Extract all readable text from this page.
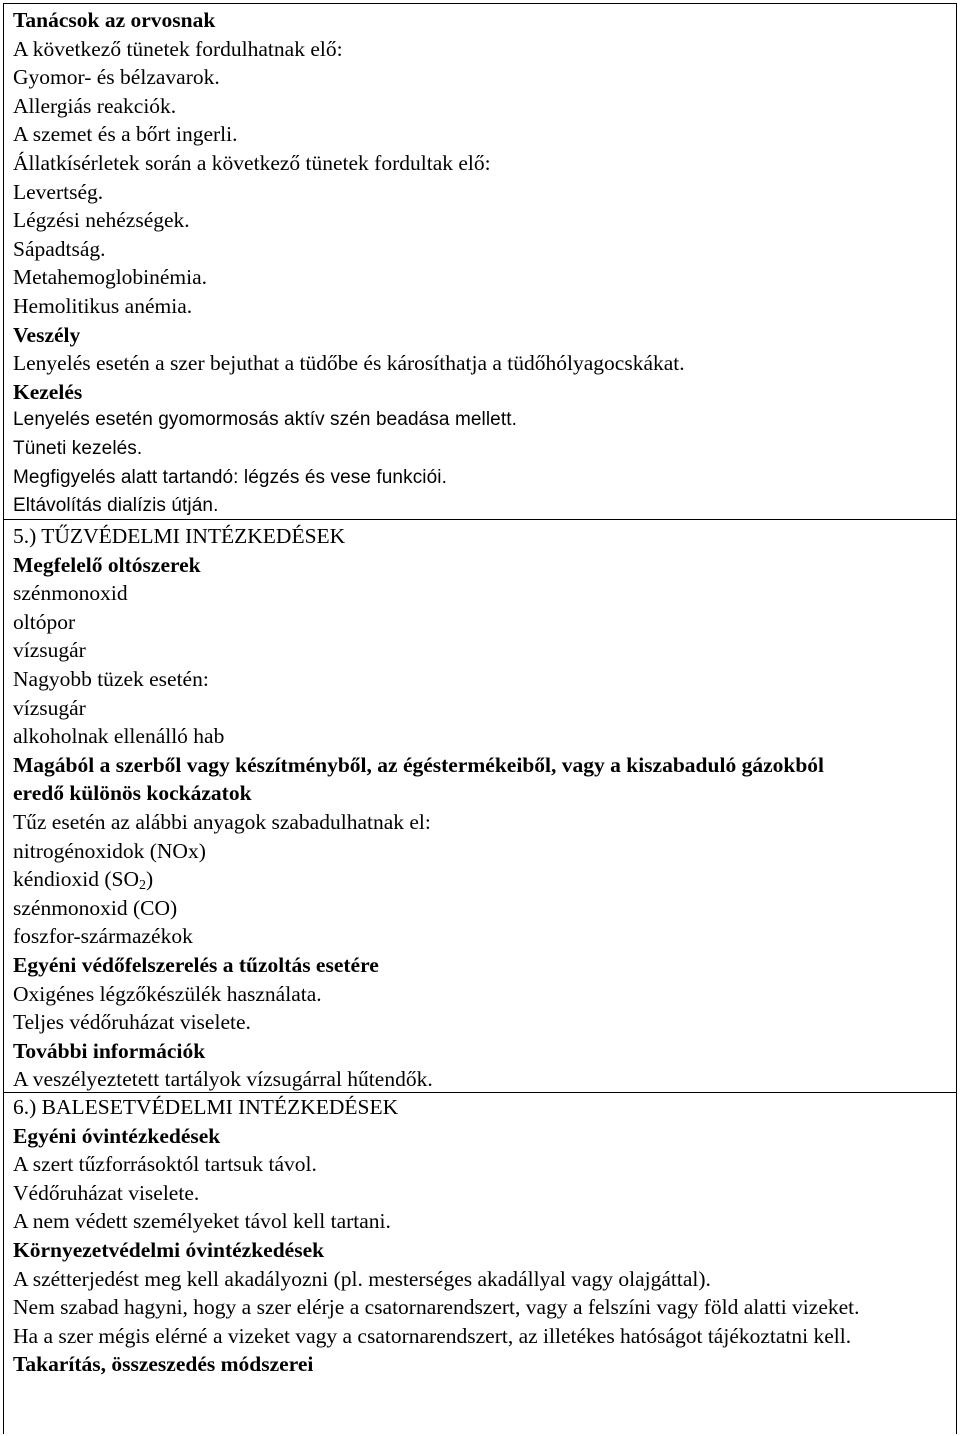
Tanácsok az orvosnak
A következő tünetek fordulhatnak elő:
Gyomor- és bélzavarok.
Allergiás reakciók.
A szemet és a bőrt ingerli.
Állatkísérletek során a következő tünetek fordultak elő:
Levertség.
Légzési nehézségek.
Sápadtság.
Metahemoglobinémia.
Hemolitikus anémia.
Veszély
Lenyelés esetén a szer bejuthat a tüdőbe és károsíthatja a tüdőhólyagocskákat.
Kezelés
Lenyelés esetén gyomormosás aktív szén beadása mellett.
Tüneti kezelés.
Megfigyelés alatt tartandó: légzés és vese funkciói.
Eltávolítás dialízis útján.
5.) TŰZVÉDELMI INTÉZKEDÉSEK
Megfelelő oltószerek
szénmonoxid
oltópor
vízsugár
Nagyobb tüzek esetén:
vízsugár
alkoholnak ellenálló hab
Magából a szerből vagy készítményből, az égéstermékeiből, vagy a kiszabaduló gázokból
eredő különös kockázatok
Tűz esetén az alábbi anyagok szabadulhatnak el:
nitrogénoxidok (NOx)
kéndioxid $(SO_2)$
szénmonoxid (CO)
foszfor-származékok
Egyéni védőfelszerelés a tűzoltás esetére
Oxigénes légzőkészülék használata.
Teljes védőruházat viselete.
További információk
A veszélyeztetett tartályok vízsugárral hűtendők.
6.) BALESETVÉDELMI INTÉZKEDÉSEK
Egyéni óvintézkedések
A szert tűzforrásoktól tartsuk távol.
Védőruházat viselete.
A nem védett személyeket távol kell tartani.
Környezetvédelmi óvintézkedések
A szétterjedést meg kell akadályozni (pl. mesterséges akadállyal vagy olajgáttal).
Nem szabad hagyni, hogy a szer elérje a csatornarendszert, vagy a felszíni vagy föld alatti vizeket.
Ha a szer mégis elérné a vizeket vagy a csatornarendszert, az illetékes hatóságot tájékoztatni kell.
Takarítás, összeszedés módszerei
